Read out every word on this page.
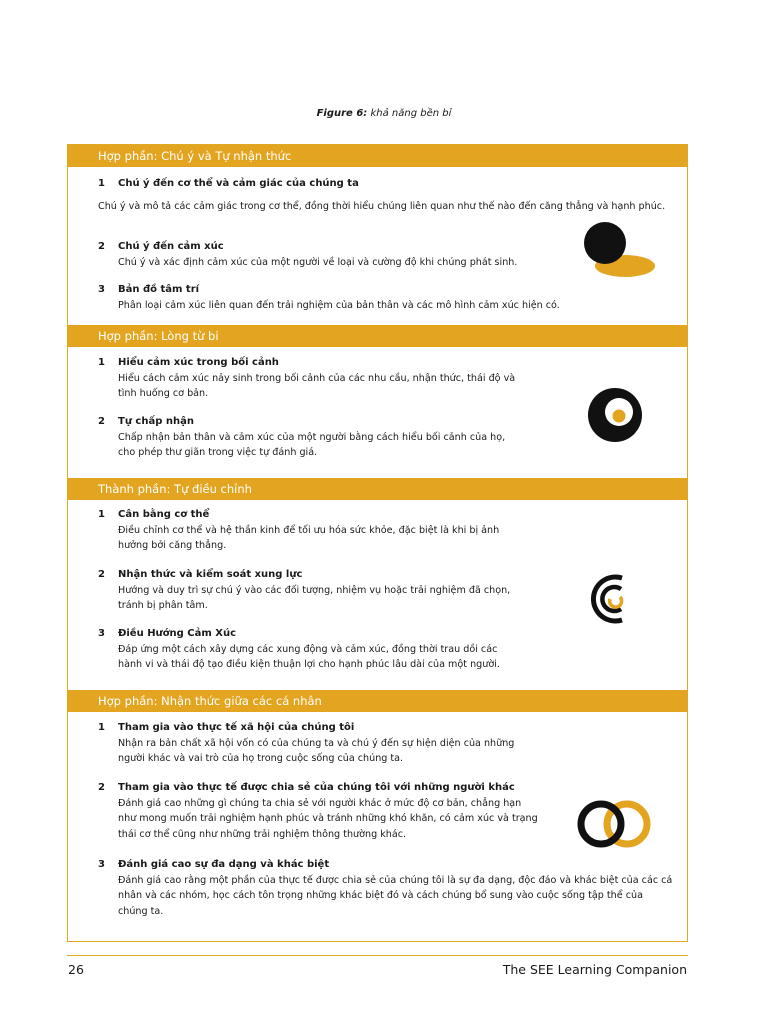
Figure 6: khả năng bền bỉ
Hợp phần: Chú ý và Tự nhận thức
1 Chú ý đến cơ thể và cảm giác của chúng ta
Chú ý và mô tả các cảm giác trong cơ thể, đồng thời hiểu chúng liên quan như thế nào đến căng thẳng và hạnh phúc.
2 Chú ý đến cảm xúc
Chú ý và xác định cảm xúc của một người về loại và cường độ khi chúng phát sinh.
3 Bản đồ tâm trí
Phân loại cảm xúc liên quan đến trải nghiệm của bản thân và các mô hình cảm xúc hiện có.
Hợp phần: Lòng từ bi
1 Hiểu cảm xúc trong bối cảnh
Hiểu cách cảm xúc nảy sinh trong bối cảnh của các nhu cầu, nhận thức, thái độ và tình huống cơ bản.
2 Tự chấp nhận
Chấp nhận bản thân và cảm xúc của một người bằng cách hiểu bối cảnh của họ, cho phép thư giãn trong việc tự đánh giá.
Thành phần: Tự điều chỉnh
1 Cân bằng cơ thể
Điều chỉnh cơ thể và hệ thần kinh để tối ưu hóa sức khỏe, đặc biệt là khi bị ảnh hưởng bởi căng thẳng.
2 Nhận thức và kiểm soát xung lực
Hướng và duy trì sự chú ý vào các đối tượng, nhiệm vụ hoặc trải nghiệm đã chọn, tránh bị phân tâm.
3 Điều Hướng Cảm Xúc
Đáp ứng một cách xây dựng các xung động và cảm xúc, đồng thời trau dồi các hành vi và thái độ tạo điều kiện thuận lợi cho hạnh phúc lâu dài của một người.
Hợp phần: Nhận thức giữa các cá nhân
1 Tham gia vào thực tế xã hội của chúng tôi
Nhận ra bản chất xã hội vốn có của chúng ta và chú ý đến sự hiện diện của những người khác và vai trò của họ trong cuộc sống của chúng ta.
2 Tham gia vào thực tế được chia sẻ của chúng tôi với những người khác
Đánh giá cao những gì chúng ta chia sẻ với người khác ở mức độ cơ bản, chẳng hạn như mong muốn trải nghiệm hạnh phúc và tránh những khó khăn, có cảm xúc và trạng thái cơ thể cũng như những trải nghiệm thông thường khác.
3 Đánh giá cao sự đa dạng và khác biệt
Đánh giá cao rằng một phần của thực tế được chia sẻ của chúng tôi là sự đa dạng, độc đáo và khác biệt của các cá nhân và các nhóm, học cách tôn trọng những khác biệt đó và cách chúng bổ sung vào cuộc sống tập thể của chúng ta.
26	The SEE Learning Companion
